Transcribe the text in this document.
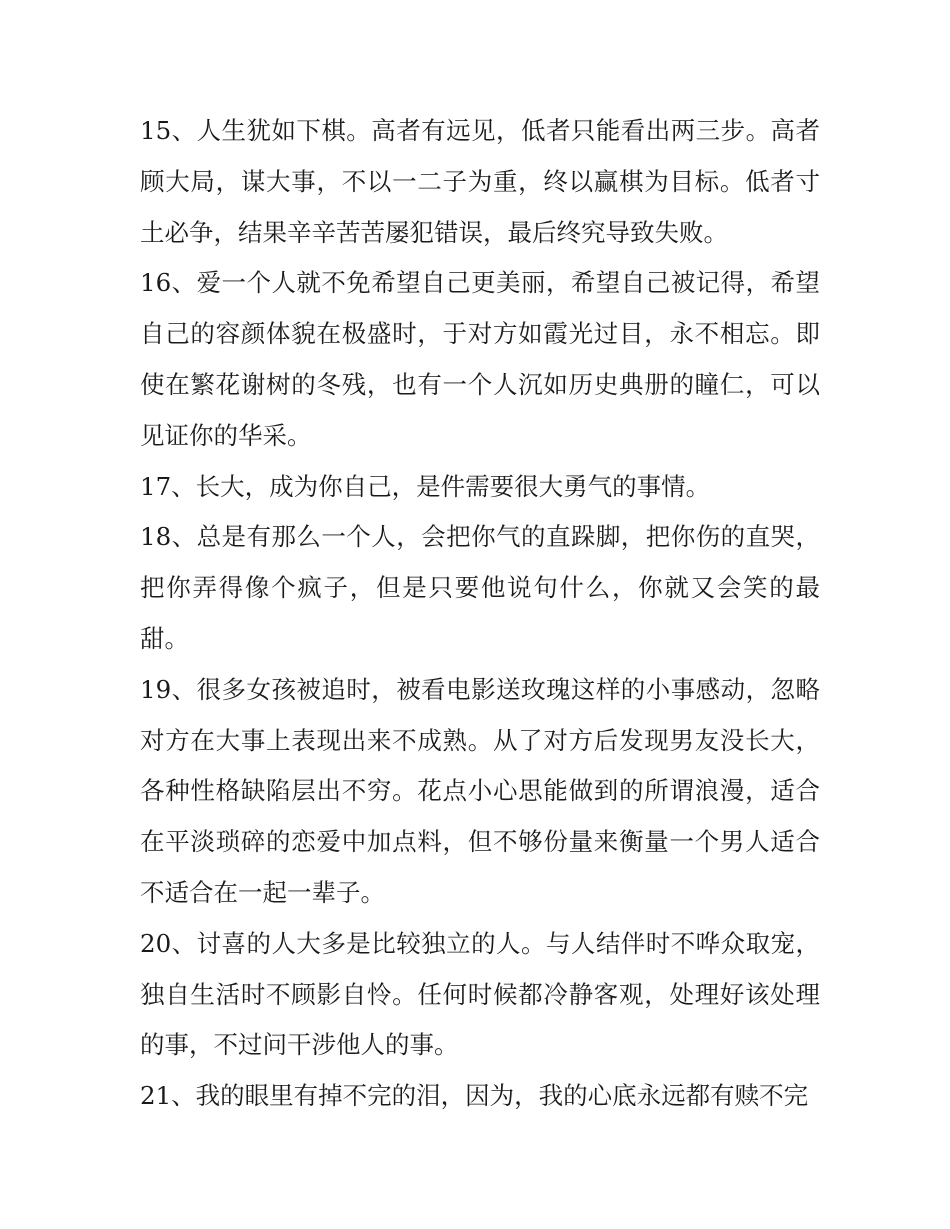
15、人生犹如下棋。高者有远见，低者只能看出两三步。高者顾大局，谋大事，不以一二子为重，终以赢棋为目标。低者寸土必争，结果辛辛苦苦屡犯错误，最后终究导致失败。

16、爱一个人就不免希望自己更美丽，希望自己被记得，希望自己的容颜体貌在极盛时，于对方如霞光过目，永不相忘。即使在繁花谢树的冬残，也有一个人沉如历史典册的瞳仁，可以见证你的华采。

17、长大，成为你自己，是件需要很大勇气的事情。

18、总是有那么一个人，会把你气的直跺脚，把你伤的直哭，把你弄得像个疯子，但是只要他说句什么，你就又会笑的最甜。

19、很多女孩被追时，被看电影送玫瑰这样的小事感动，忽略对方在大事上表现出来不成熟。从了对方后发现男友没长大，各种性格缺陷层出不穷。花点小心思能做到的所谓浪漫，适合在平淡琐碎的恋爱中加点料，但不够份量来衡量一个男人适合不适合在一起一辈子。

20、讨喜的人大多是比较独立的人。与人结伴时不哗众取宠，独自生活时不顾影自怜。任何时候都冷静客观，处理好该处理的事，不过问干涉他人的事。

21、我的眼里有掉不完的泪，因为，我的心底永远都有赎不完
